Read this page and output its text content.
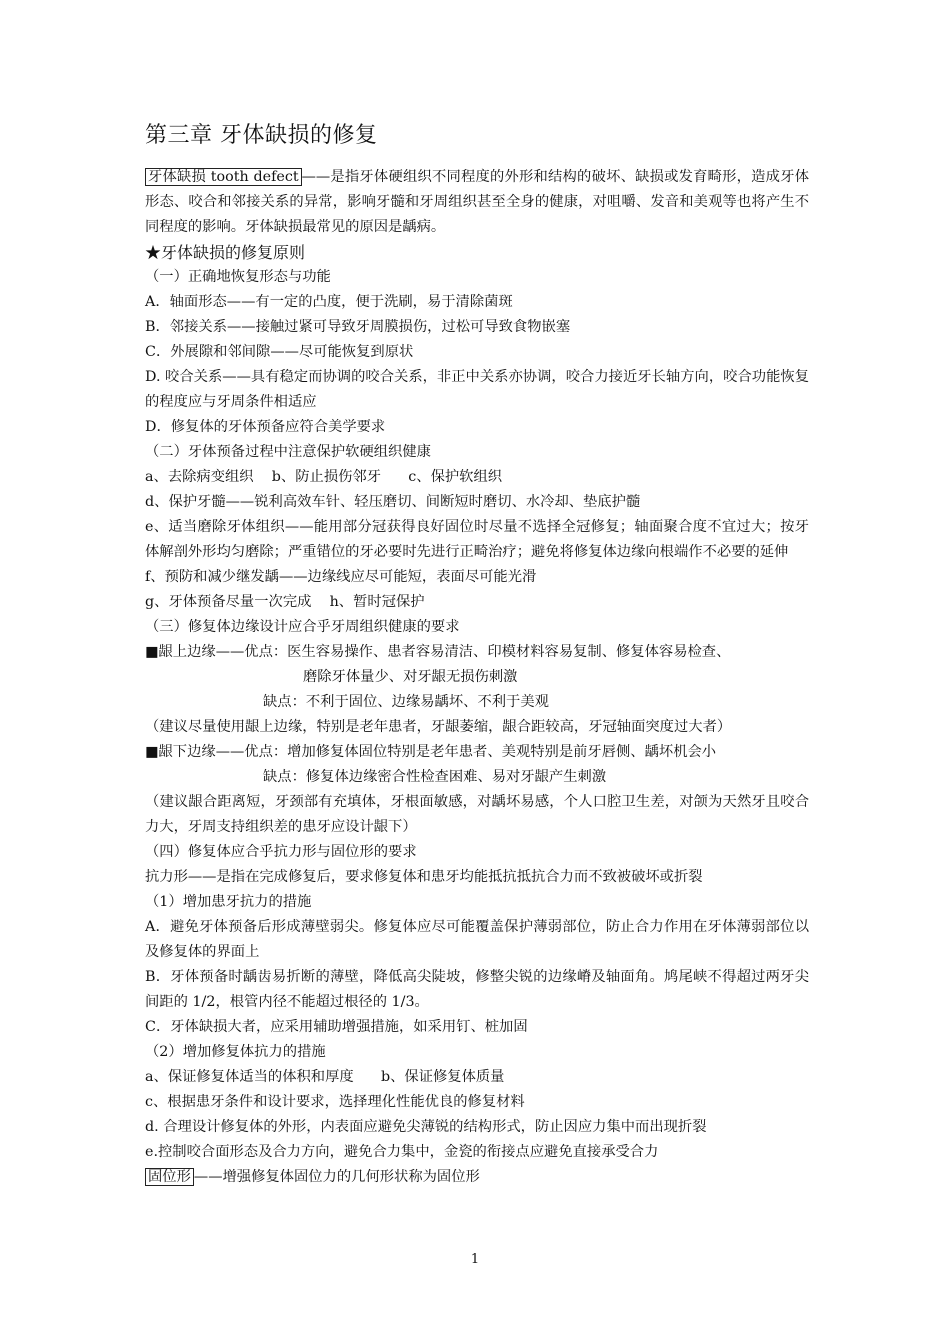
第三章 牙体缺损的修复

牙体缺损 tooth defect ——是指牙体硬组织不同程度的外形和结构的破坏、缺损或发育畸形，造成牙体形态、咬合和邻接关系的异常，影响牙髓和牙周组织甚至全身的健康，对咀嚼、发音和美观等也将产生不同程度的影响。牙体缺损最常见的原因是龋病。

★牙体缺损的修复原则

（一）正确地恢复形态与功能

A．轴面形态——有一定的凸度，便于洗刷，易于清除菌斑

B．邻接关系——接触过紧可导致牙周膜损伤，过松可导致食物嵌塞

C．外展隙和邻间隙——尽可能恢复到原状

D. 咬合关系——具有稳定而协调的咬合关系，非正中关系亦协调，咬合力接近牙长轴方向，咬合功能恢复的程度应与牙周条件相适应

D．修复体的牙体预备应符合美学要求

（二）牙体预备过程中注意保护软硬组织健康

a、去除病变组织    b、防止损伤邻牙      c、保护软组织

d、保护牙髓——锐利高效车针、轻压磨切、间断短时磨切、水冷却、垫底护髓

e、适当磨除牙体组织——能用部分冠获得良好固位时尽量不选择全冠修复；轴面聚合度不宜过大；按牙体解剖外形均匀磨除；严重错位的牙必要时先进行正畸治疗；避免将修复体边缘向根端作不必要的延伸

f、预防和减少继发龋——边缘线应尽可能短，表面尽可能光滑

g、牙体预备尽量一次完成    h、暂时冠保护

（三）修复体边缘设计应合乎牙周组织健康的要求

■龈上边缘——优点：医生容易操作、患者容易清洁、印模材料容易复制、修复体容易检查、

磨除牙体量少、对牙龈无损伤刺激

缺点：不利于固位、边缘易龋坏、不利于美观

（建议尽量使用龈上边缘，特别是老年患者，牙龈萎缩，龈合距较高，牙冠轴面突度过大者）

■龈下边缘——优点：增加修复体固位特别是老年患者、美观特别是前牙唇侧、龋坏机会小

缺点：修复体边缘密合性检查困难、易对牙龈产生刺激

（建议龈合距离短，牙颈部有充填体，牙根面敏感，对龋坏易感，个人口腔卫生差，对颌为天然牙且咬合力大，牙周支持组织差的患牙应设计龈下）

（四）修复体应合乎抗力形与固位形的要求

抗力形——是指在完成修复后，要求修复体和患牙均能抵抗抵抗合力而不致被破坏或折裂

（1）增加患牙抗力的措施

A．避免牙体预备后形成薄壁弱尖。修复体应尽可能覆盖保护薄弱部位，防止合力作用在牙体薄弱部位以及修复体的界面上

B．牙体预备时龋齿易折断的薄壁，降低高尖陡坡，修整尖锐的边缘嵴及轴面角。鸠尾峡不得超过两牙尖间距的 1/2，根管内径不能超过根径的 1/3。

C．牙体缺损大者，应采用辅助增强措施，如采用钉、桩加固

（2）增加修复体抗力的措施

a、保证修复体适当的体积和厚度      b、保证修复体质量

c、根据患牙条件和设计要求，选择理化性能优良的修复材料

d. 合理设计修复体的外形，内表面应避免尖薄锐的结构形式，防止因应力集中而出现折裂

e.控制咬合面形态及合力方向，避免合力集中，金瓷的衔接点应避免直接承受合力

固位形 ——增强修复体固位力的几何形状称为固位形

1
